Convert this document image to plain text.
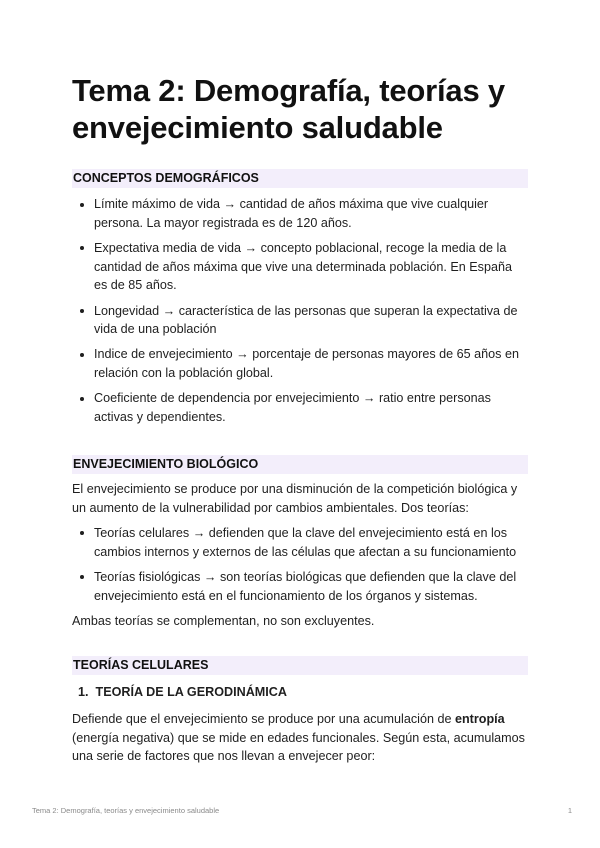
Tema 2: Demografía, teorías y envejecimiento saludable
CONCEPTOS DEMOGRÁFICOS
Límite máximo de vida → cantidad de años máxima que vive cualquier persona. La mayor registrada es de 120 años.
Expectativa media de vida → concepto poblacional, recoge la media de la cantidad de años máxima que vive una determinada población. En España es de 85 años.
Longevidad → característica de las personas que superan la expectativa de vida de una población
Indice de envejecimiento → porcentaje de personas mayores de 65 años en relación con la población global.
Coeficiente de dependencia por envejecimiento → ratio entre personas activas y dependientes.
ENVEJECIMIENTO BIOLÓGICO

El envejecimiento se produce por una disminución de la competición biológica y un aumento de la vulnerabilidad por cambios ambientales. Dos teorías:

Teorías celulares → defienden que la clave del envejecimiento está en los cambios internos y externos de las células que afectan a su funcionamiento
Teorías fisiológicas → son teorías biológicas que defienden que la clave del envejecimiento está en el funcionamiento de los órganos y sistemas.

Ambas teorías se complementan, no son excluyentes.

TEORÍAS CELULARES
1. TEORÍA DE LA GERODINÁMICA

Defiende que el envejecimiento se produce por una acumulación de entropía (energía negativa) que se mide en edades funcionales. Según esta, acumulamos una serie de factores que nos llevan a envejecer peor:

Tema 2: Demografía, teorías y envejecimiento saludable	1
